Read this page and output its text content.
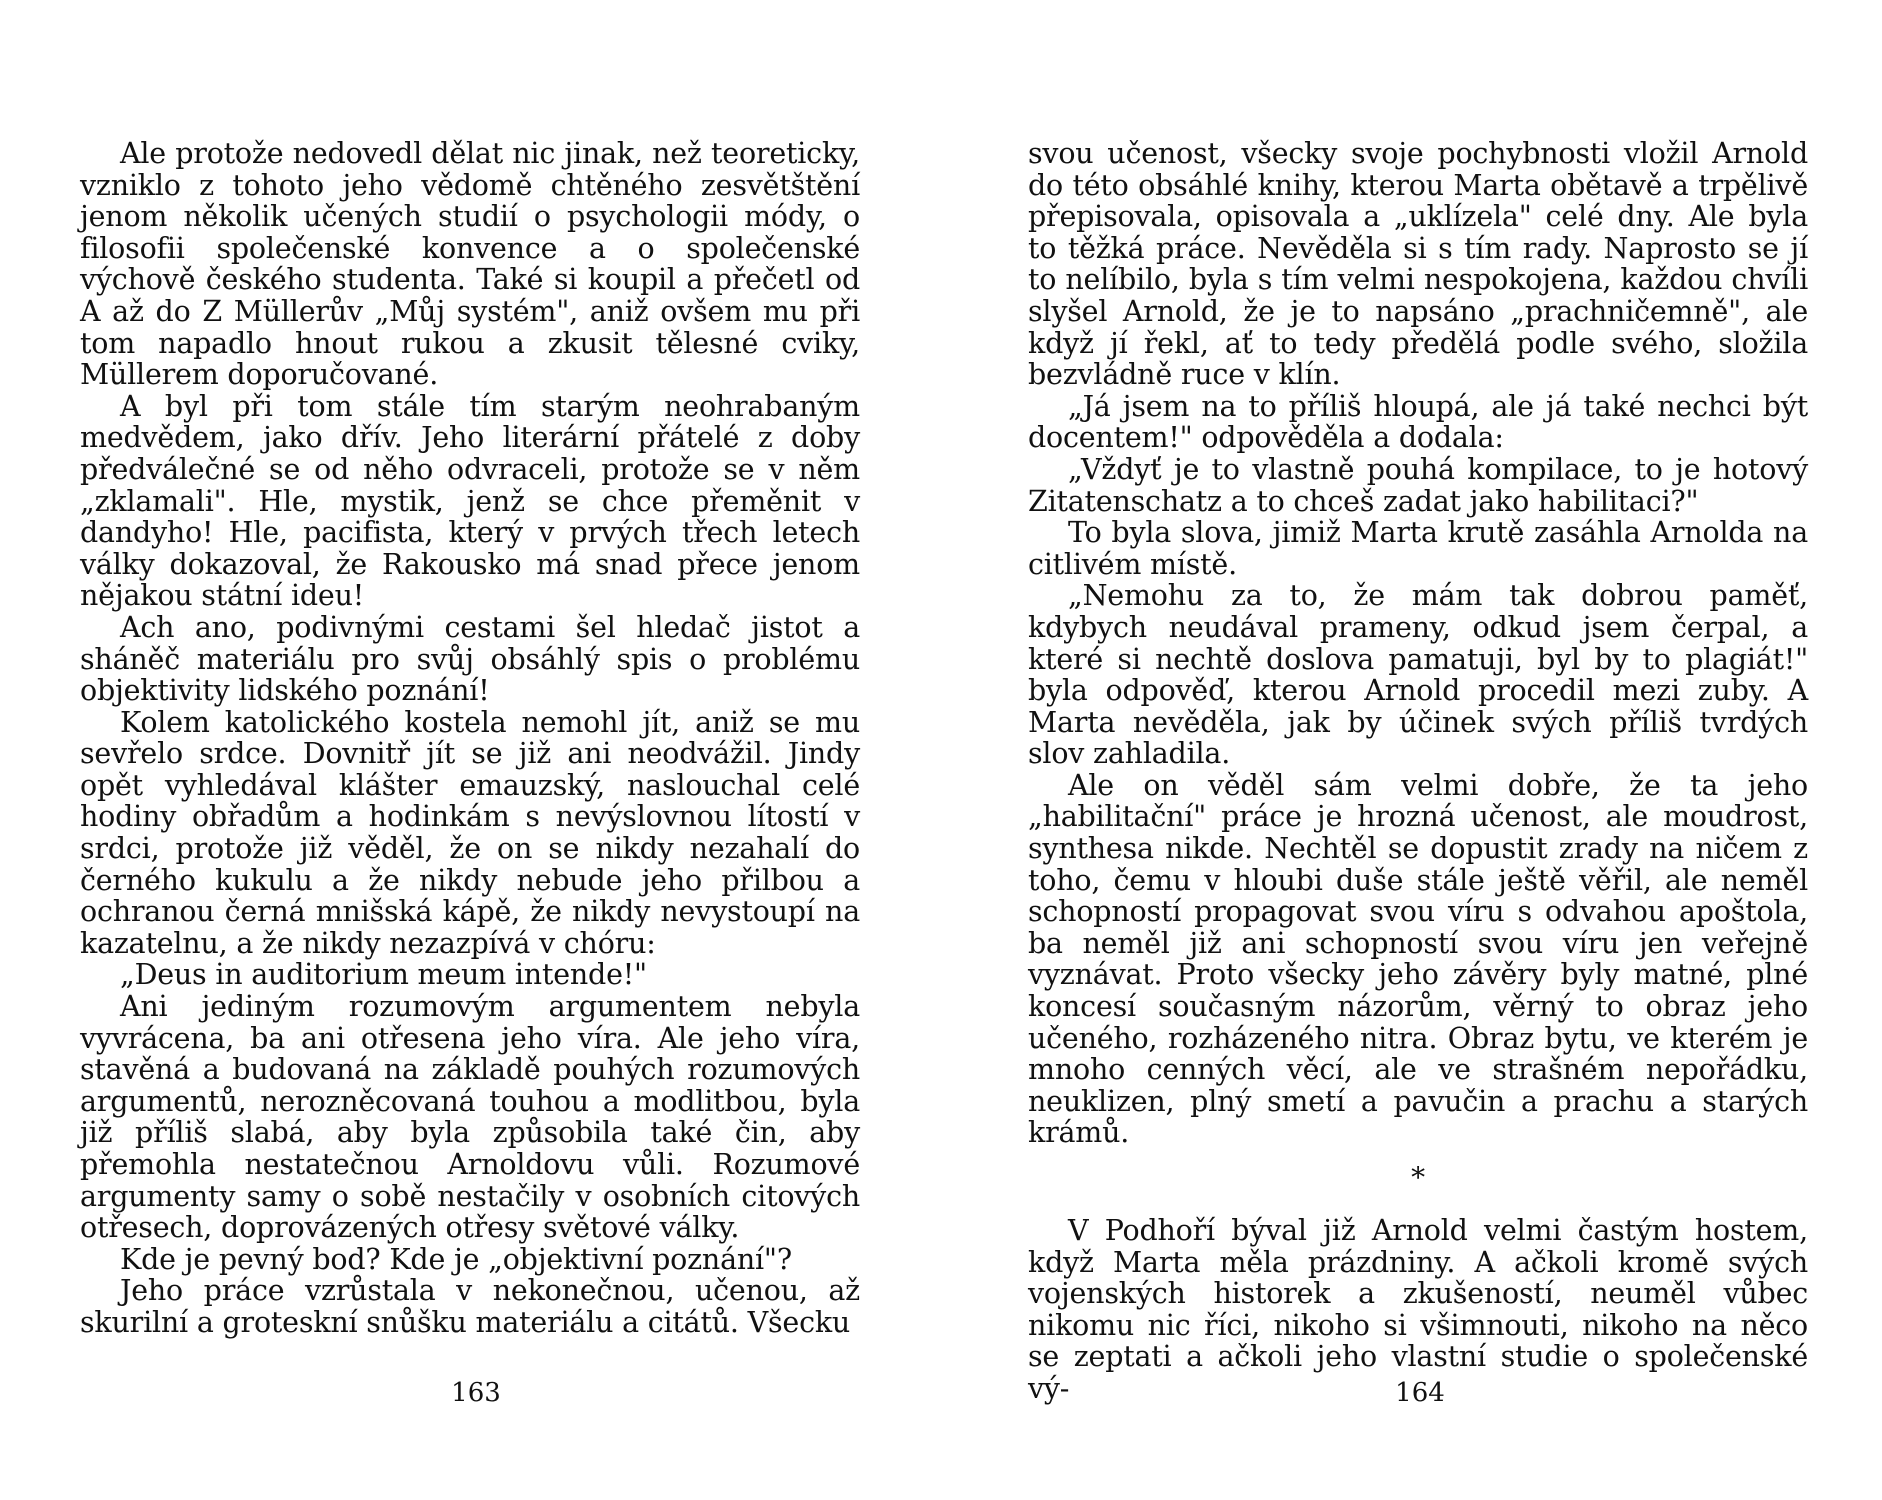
Ale protože nedovedl dělat nic jinak, než teoreticky, vzniklo z tohoto jeho vědomě chtěného zesvětštění jenom několik učených studií o psychologii módy, o filosofii společenské konvence a o společenské výchově českého studenta. Také si koupil a přečetl od A až do Z Müllerův „Můj systém", aniž ovšem mu při tom napadlo hnout rukou a zkusit tělesné cviky, Müllerem doporučované.

A byl při tom stále tím starým neohrabaným medvědem, jako dřív. Jeho literární přátelé z doby předválečné se od něho odvraceli, protože se v něm „zklamali". Hle, mystik, jenž se chce přeměnit v dandyho! Hle, pacifista, který v prvých třech letech války dokazoval, že Rakousko má snad přece jenom nějakou státní ideu!

Ach ano, podivnými cestami šel hledač jistot a sháněč materiálu pro svůj obsáhlý spis o problému objektivity lidského poznání!

Kolem katolického kostela nemohl jít, aniž se mu sevřelo srdce. Dovnitř jít se již ani neodvážil. Jindy opět vyhledával klášter emauzský, naslouchal celé hodiny obřadům a hodinkám s nevýslovnou lítostí v srdci, protože již věděl, že on se nikdy nezahalí do černého kukulu a že nikdy nebude jeho přilbou a ochranou černá mnišská kápě, že nikdy nevystoupí na kazatelnu, a že nikdy nezazpívá v chóru:

„Deus in auditorium meum intende!"

Ani jediným rozumovým argumentem nebyla vyvrácena, ba ani otřesena jeho víra. Ale jeho víra, stavěná a budovaná na základě pouhých rozumových argumentů, nerozněcovaná touhou a modlitbou, byla již příliš slabá, aby byla způsobila také čin, aby přemohla nestatečnou Arnoldovu vůli. Rozumové argumenty samy o sobě nestačily v osobních citových otřesech, doprovázených otřesy světové války.

Kde je pevný bod? Kde je „objektivní poznání"?

Jeho práce vzrůstala v nekonečnou, učenou, až skurilní a groteskní snůšku materiálu a citátů. Všecku

163

svou učenost, všecky svoje pochybnosti vložil Arnold do této obsáhlé knihy, kterou Marta obětavě a trpělivě přepisovala, opisovala a „uklízela" celé dny. Ale byla to těžká práce. Nevěděla si s tím rady. Naprosto se jí to nelíbilo, byla s tím velmi nespokojena, každou chvíli slyšel Arnold, že je to napsáno „prachničemně", ale když jí řekl, ať to tedy předělá podle svého, složila bezvládně ruce v klín.

„Já jsem na to příliš hloupá, ale já také nechci být docentem!" odpověděla a dodala:

„Vždyť je to vlastně pouhá kompilace, to je hotový Zitatenschatz a to chceš zadat jako habilitaci?"

To byla slova, jimiž Marta krutě zasáhla Arnolda na citlivém místě.

„Nemohu za to, že mám tak dobrou paměť, kdybych neudával prameny, odkud jsem čerpal, a které si nechtě doslova pamatuji, byl by to plagiát!" byla odpověď, kterou Arnold procedil mezi zuby. A Marta nevěděla, jak by účinek svých příliš tvrdých slov zahladila.

Ale on věděl sám velmi dobře, že ta jeho „habilitační" práce je hrozná učenost, ale moudrost, synthesa nikde. Nechtěl se dopustit zrady na ničem z toho, čemu v hloubi duše stále ještě věřil, ale neměl schopností propagovat svou víru s odvahou apoštola, ba neměl již ani schopností svou víru jen veřejně vyznávat. Proto všecky jeho závěry byly matné, plné koncesí současným názorům, věrný to obraz jeho učeného, rozházeného nitra. Obraz bytu, ve kterém je mnoho cenných věcí, ale ve strašném nepořádku, neuklizen, plný smetí a pavučin a prachu a starých krámů.

*

V Podhoří býval již Arnold velmi častým hostem, když Marta měla prázdniny. A ačkoli kromě svých vojenských historek a zkušeností, neuměl vůbec nikomu nic říci, nikoho si všimnouti, nikoho na něco se zeptati a ačkoli jeho vlastní studie o společenské vý-	164
